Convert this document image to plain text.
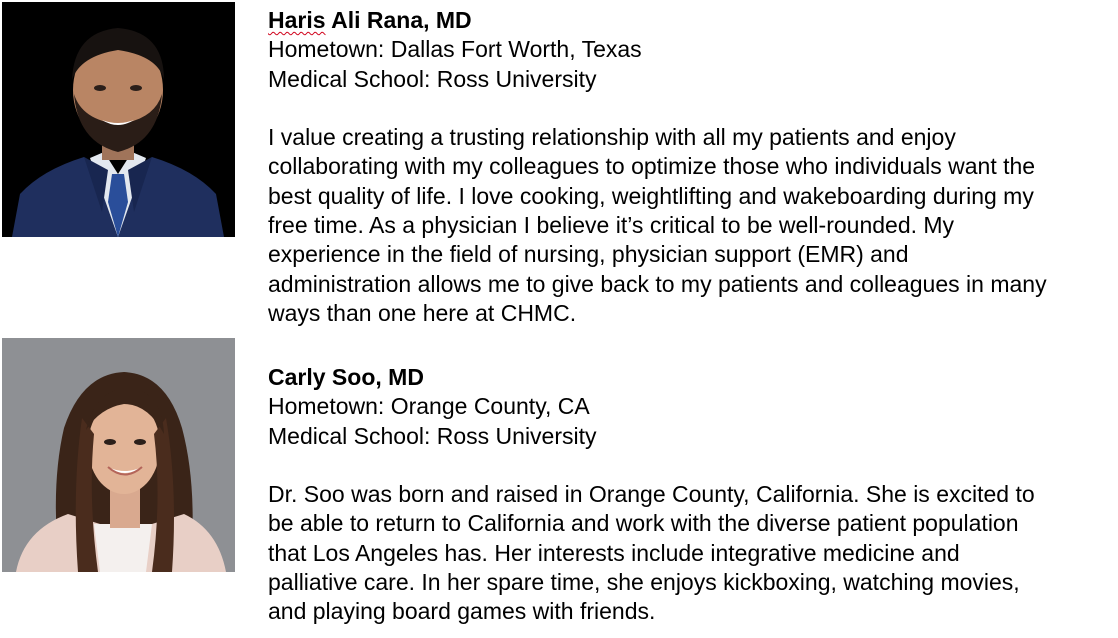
Haris Ali Rana, MD
Hometown: Dallas Fort Worth, Texas
Medical School: Ross University
I value creating a trusting relationship with all my patients and enjoy
collaborating with my colleagues to optimize those who individuals want the
best quality of life. I love cooking, weightlifting and wakeboarding during my
free time. As a physician I believe it’s critical to be well-rounded. My
experience in the field of nursing, physician support (EMR) and
administration allows me to give back to my patients and colleagues in many
ways than one here at CHMC.
Carly Soo, MD
Hometown: Orange County, CA
Medical School: Ross University
Dr. Soo was born and raised in Orange County, California. She is excited to
be able to return to California and work with the diverse patient population
that Los Angeles has. Her interests include integrative medicine and
palliative care. In her spare time, she enjoys kickboxing, watching movies,
and playing board games with friends.
